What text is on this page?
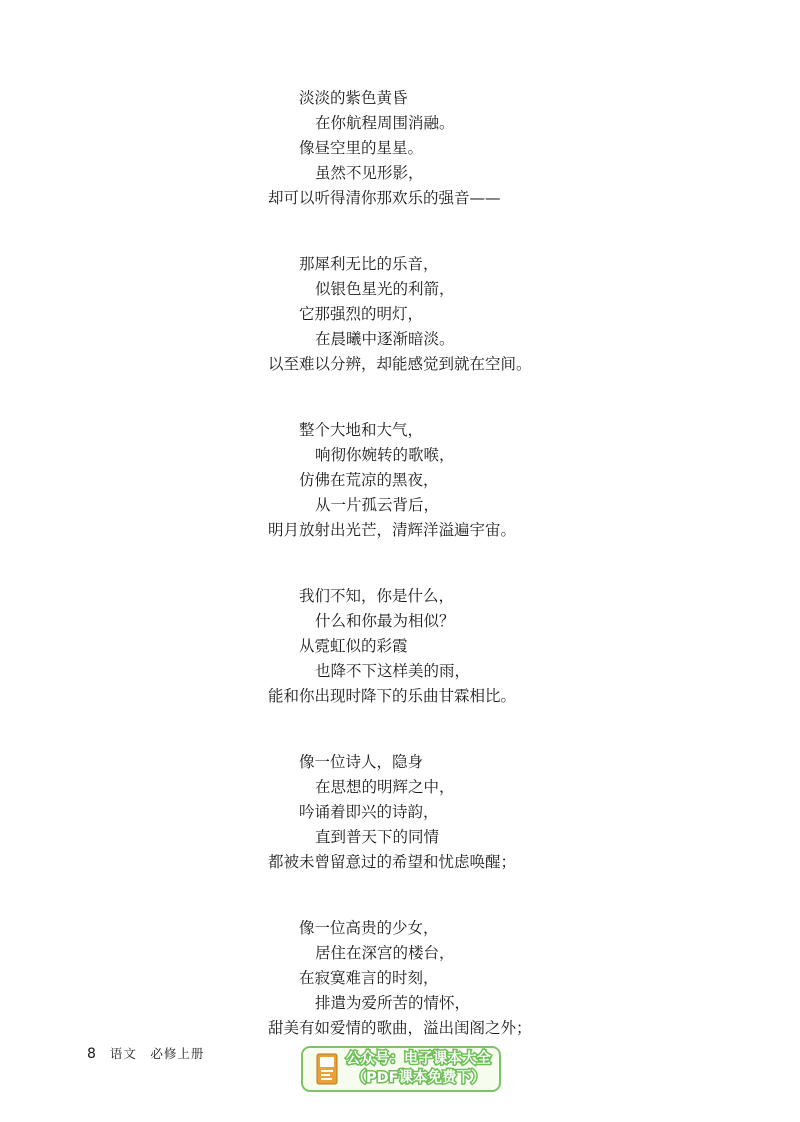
淡淡的紫色黄昏
在你航程周围消融。
像昼空里的星星。
虽然不见形影，
却可以听得清你那欢乐的强音——
那犀利无比的乐音，
似银色星光的利箭，
它那强烈的明灯，
在晨曦中逐渐暗淡。
以至难以分辨，却能感觉到就在空间。
整个大地和大气，
响彻你婉转的歌喉，
仿佛在荒凉的黑夜，
从一片孤云背后，
明月放射出光芒，清辉洋溢遍宇宙。
我们不知，你是什么，
什么和你最为相似？
从霓虹似的彩霞
也降不下这样美的雨，
能和你出现时降下的乐曲甘霖相比。
像一位诗人，隐身
在思想的明辉之中，
吟诵着即兴的诗韵，
直到普天下的同情
都被未曾留意过的希望和忧虑唤醒；
像一位高贵的少女，
居住在深宫的楼台，
在寂寞难言的时刻，
排遣为爱所苦的情怀，
甜美有如爱情的歌曲，溢出闺阁之外；
8 语文　必修上册	公众号：电子课本大全
（PDF课本免费下）
